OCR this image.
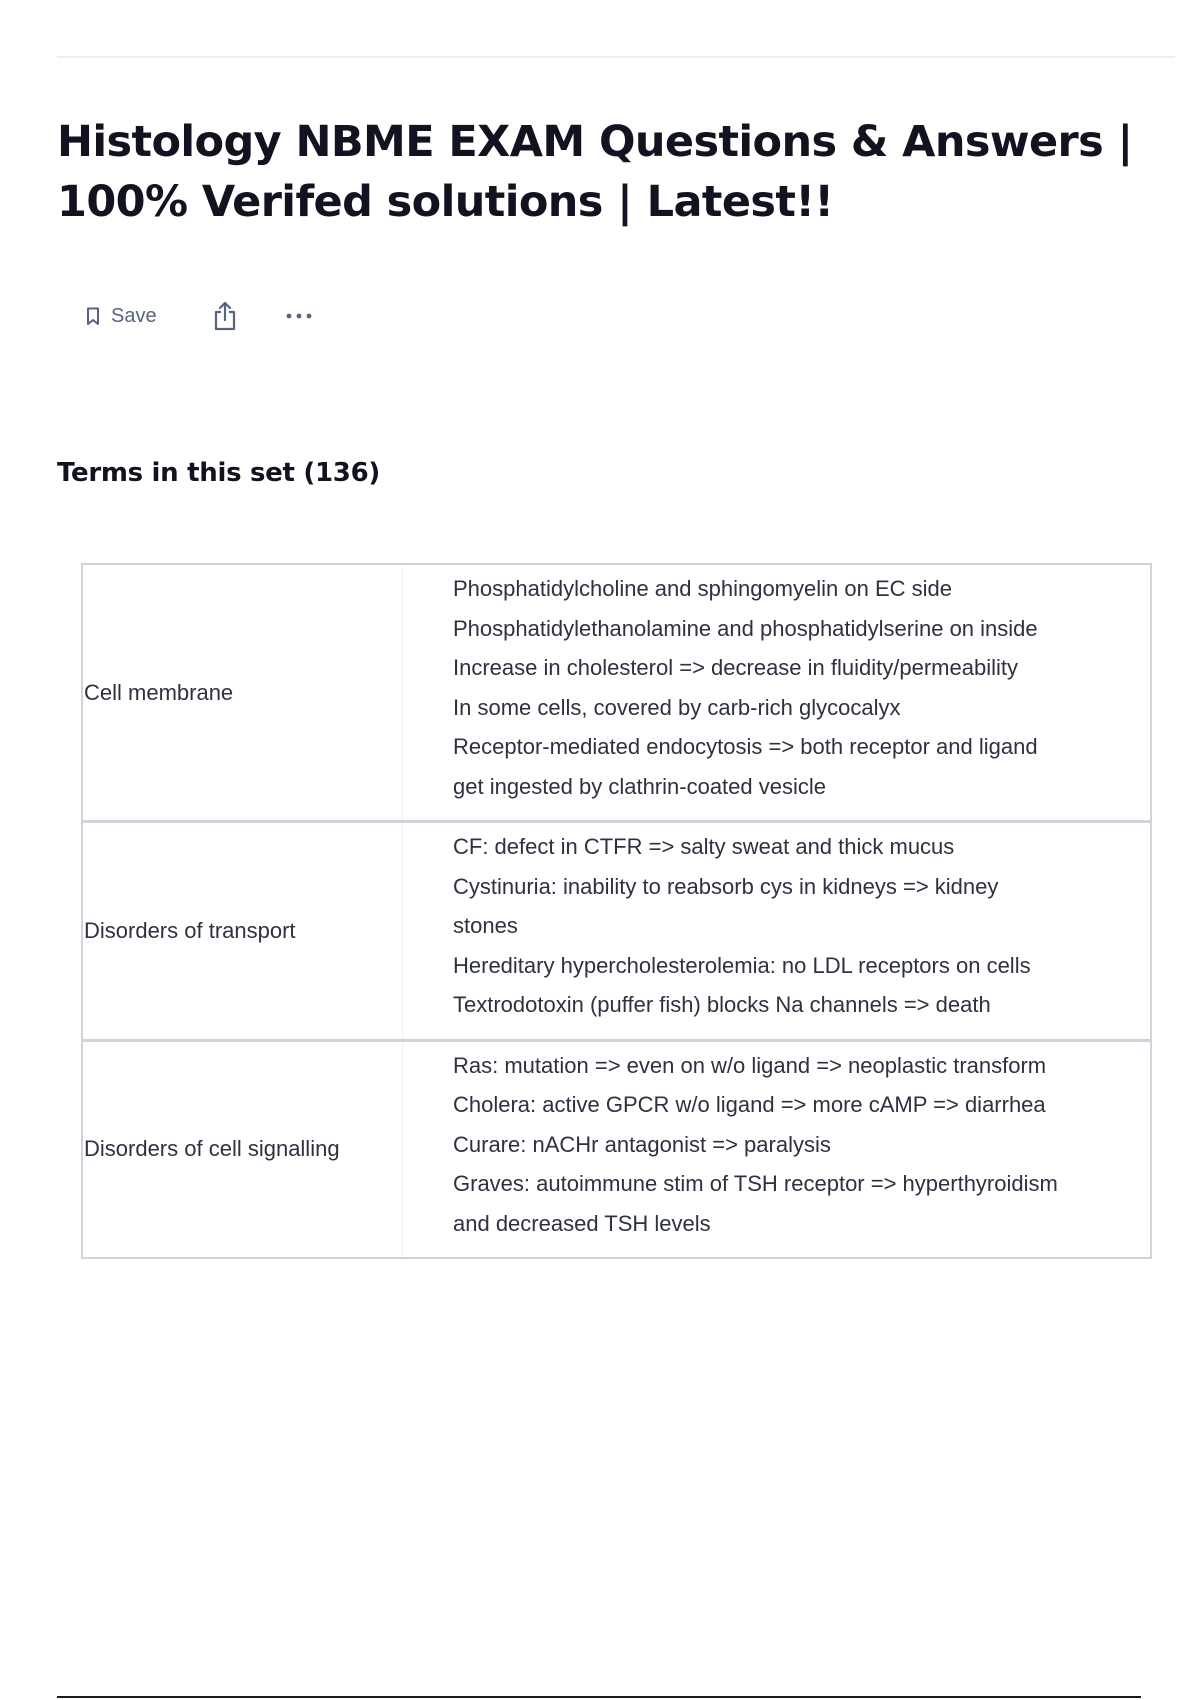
Histology NBME EXAM Questions & Answers | 100% Verifed solutions | Latest!!
Save
Terms in this set (136)
Cell membrane
Phosphatidylcholine and sphingomyelin on EC side
Phosphatidylethanolamine and phosphatidylserine on inside
Increase in cholesterol => decrease in fluidity/permeability
In some cells, covered by carb-rich glycocalyx
Receptor-mediated endocytosis => both receptor and ligand get ingested by clathrin-coated vesicle
Disorders of transport
CF: defect in CTFR => salty sweat and thick mucus
Cystinuria: inability to reabsorb cys in kidneys => kidney stones
Hereditary hypercholesterolemia: no LDL receptors on cells
Textrodotoxin (puffer fish) blocks Na channels => death
Disorders of cell signalling
Ras: mutation => even on w/o ligand => neoplastic transform
Cholera: active GPCR w/o ligand => more cAMP => diarrhea
Curare: nACHr antagonist => paralysis
Graves: autoimmune stim of TSH receptor => hyperthyroidism and decreased TSH levels
